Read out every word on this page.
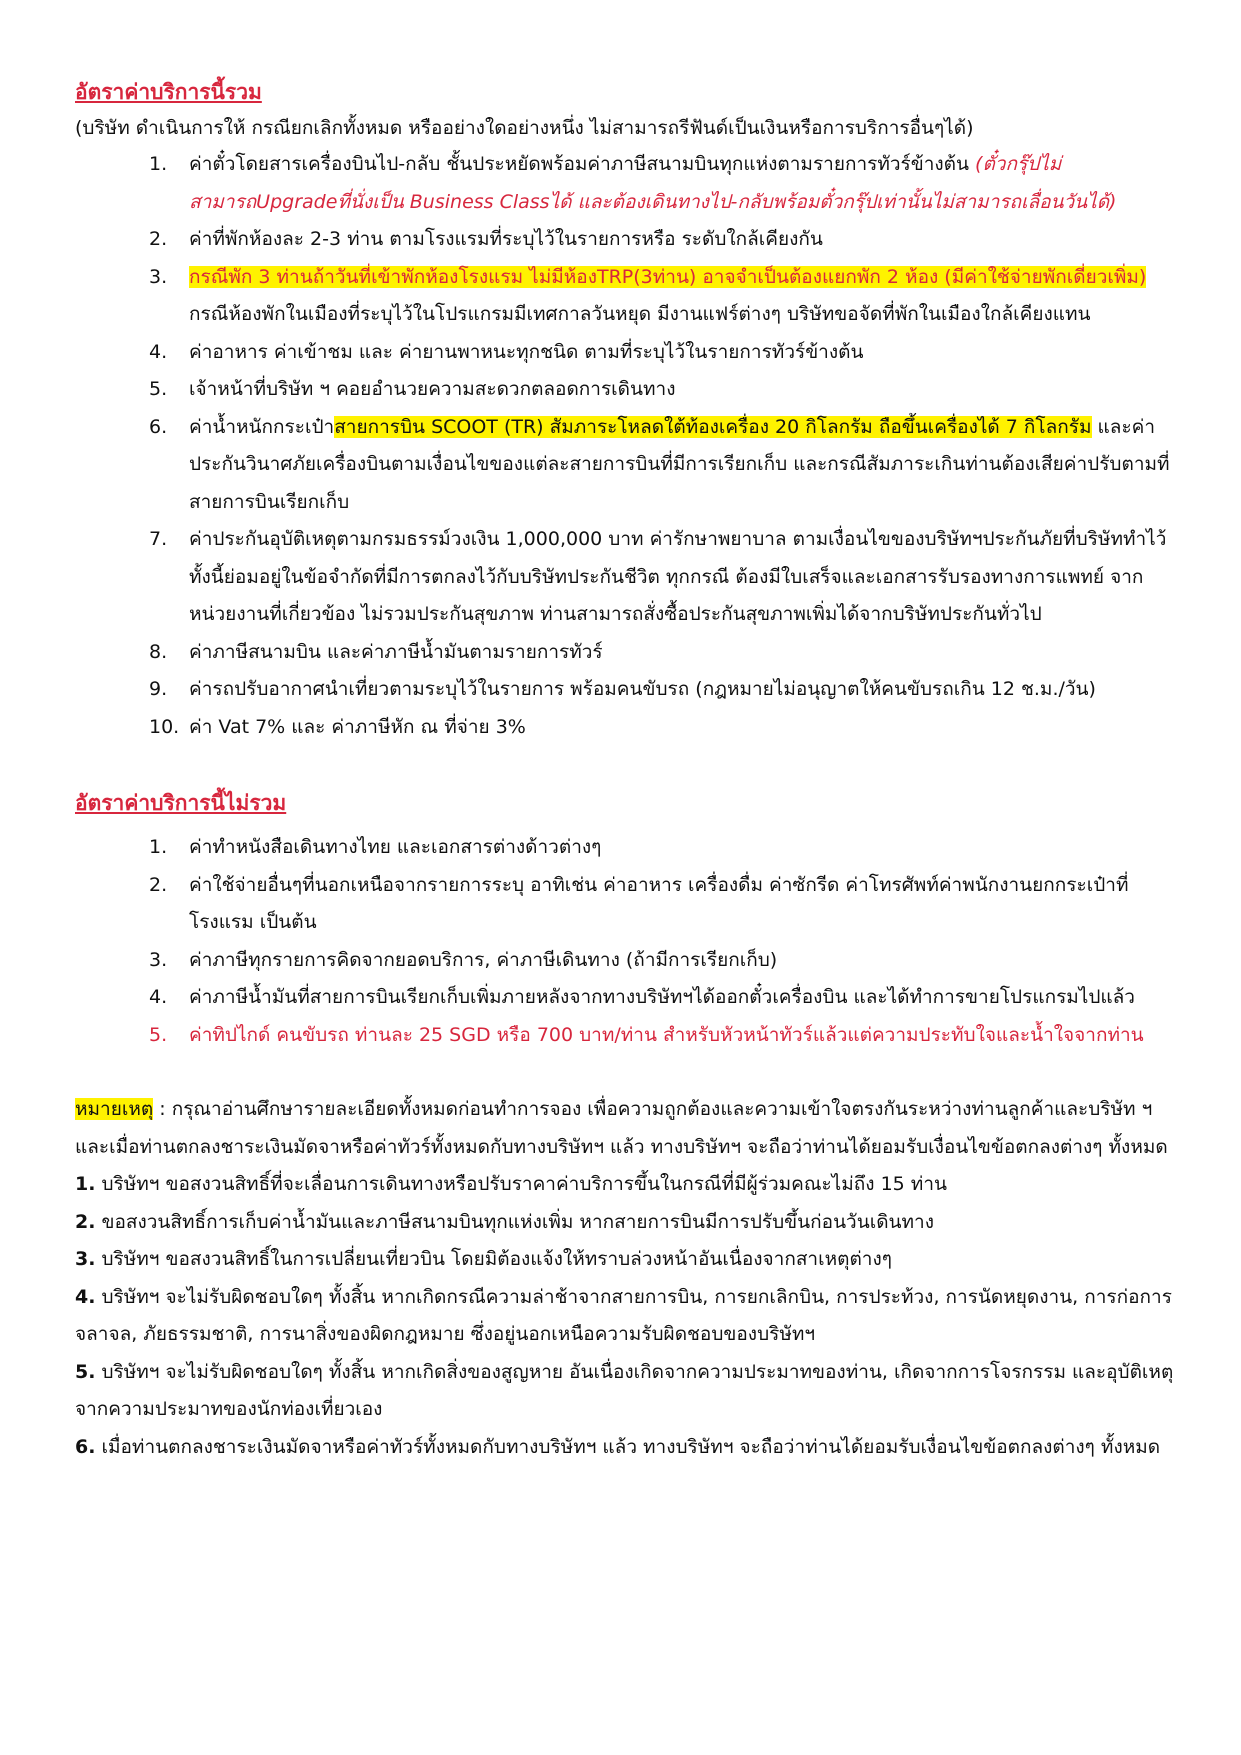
อัตราค่าบริการนี้รวม

(บริษัท ดำเนินการให้ กรณียกเลิกทั้งหมด หรืออย่างใดอย่างหนึ่ง ไม่สามารถรีฟันด์เป็นเงินหรือการบริการอื่นๆได้)

1.	ค่าตั๋วโดยสารเครื่องบินไป-กลับ ชั้นประหยัดพร้อมค่าภาษีสนามบินทุกแห่งตามรายการทัวร์ข้างต้น (ตั๋วกรุ๊ปไม่สามารถUpgradeที่นั่งเป็น Business Classได้ และต้องเดินทางไป-กลับพร้อมตั๋วกรุ๊ปเท่านั้นไม่สามารถเลื่อนวันได้)
2.	ค่าที่พักห้องละ 2-3 ท่าน ตามโรงแรมที่ระบุไว้ในรายการหรือ ระดับใกล้เคียงกัน
3.	กรณีพัก 3 ท่านถ้าวันที่เข้าพักห้องโรงแรม ไม่มีห้องTRP(3ท่าน) อาจจำเป็นต้องแยกพัก 2 ห้อง (มีค่าใช้จ่ายพักเดี่ยวเพิ่ม) กรณีห้องพักในเมืองที่ระบุไว้ในโปรแกรมมีเทศกาลวันหยุด มีงานแฟร์ต่างๆ บริษัทขอจัดที่พักในเมืองใกล้เคียงแทน
4.	ค่าอาหาร ค่าเข้าชม และ ค่ายานพาหนะทุกชนิด ตามที่ระบุไว้ในรายการทัวร์ข้างต้น
5.	เจ้าหน้าที่บริษัท ฯ คอยอำนวยความสะดวกตลอดการเดินทาง
6.	ค่าน้ำหนักกระเป๋าสายการบิน SCOOT (TR) สัมภาระโหลดใต้ท้องเครื่อง 20 กิโลกรัม ถือขึ้นเครื่องได้ 7 กิโลกรัม และค่าประกันวินาศภัยเครื่องบินตามเงื่อนไขของแต่ละสายการบินที่มีการเรียกเก็บ และกรณีสัมภาระเกินท่านต้องเสียค่าปรับตามที่สายการบินเรียกเก็บ
7.	ค่าประกันอุบัติเหตุตามกรมธรรม์วงเงิน 1,000,000 บาท ค่ารักษาพยาบาล ตามเงื่อนไขของบริษัทฯประกันภัยที่บริษัททำไว้ ทั้งนี้ย่อมอยู่ในข้อจำกัดที่มีการตกลงไว้กับบริษัทประกันชีวิต ทุกกรณี ต้องมีใบเสร็จและเอกสารรับรองทางการแพทย์ จากหน่วยงานที่เกี่ยวข้อง ไม่รวมประกันสุขภาพ ท่านสามารถสั่งซื้อประกันสุขภาพเพิ่มได้จากบริษัทประกันทั่วไป
8.	ค่าภาษีสนามบิน และค่าภาษีน้ำมันตามรายการทัวร์
9.	ค่ารถปรับอากาศนำเที่ยวตามระบุไว้ในรายการ พร้อมคนขับรถ (กฎหมายไม่อนุญาตให้คนขับรถเกิน 12 ช.ม./วัน)
10. ค่า Vat 7% และ ค่าภาษีหัก ณ ที่จ่าย 3%
อัตราค่าบริการนี้ไม่รวม
1.	ค่าทำหนังสือเดินทางไทย และเอกสารต่างด้าวต่างๆ
2.	ค่าใช้จ่ายอื่นๆที่นอกเหนือจากรายการระบุ อาทิเช่น ค่าอาหาร เครื่องดื่ม ค่าซักรีด ค่าโทรศัพท์ค่าพนักงานยกกระเป๋าที่โรงแรม เป็นต้น
3.	ค่าภาษีทุกรายการคิดจากยอดบริการ, ค่าภาษีเดินทาง (ถ้ามีการเรียกเก็บ)
4.	ค่าภาษีน้ำมันที่สายการบินเรียกเก็บเพิ่มภายหลังจากทางบริษัทฯได้ออกตั๋วเครื่องบิน และได้ทำการขายโปรแกรมไปแล้ว
5.	ค่าทิปไกด์ คนขับรถ ท่านละ 25 SGD หรือ 700 บาท/ท่าน สำหรับหัวหน้าทัวร์แล้วแต่ความประทับใจและน้ำใจจากท่าน

หมายเหตุ : กรุณาอ่านศึกษารายละเอียดทั้งหมดก่อนทำการจอง เพื่อความถูกต้องและความเข้าใจตรงกันระหว่างท่านลูกค้าและบริษัท ฯ และเมื่อท่านตกลงชาระเงินมัดจาหรือค่าทัวร์ทั้งหมดกับทางบริษัทฯ แล้ว ทางบริษัทฯ จะถือว่าท่านได้ยอมรับเงื่อนไขข้อตกลงต่างๆ ทั้งหมด

1. บริษัทฯ ขอสงวนสิทธิ์ที่จะเลื่อนการเดินทางหรือปรับราคาค่าบริการขึ้นในกรณีที่มีผู้ร่วมคณะไม่ถึง 15 ท่าน

2. ขอสงวนสิทธิ์การเก็บค่าน้ำมันและภาษีสนามบินทุกแห่งเพิ่ม หากสายการบินมีการปรับขึ้นก่อนวันเดินทาง

3. บริษัทฯ ขอสงวนสิทธิ์ในการเปลี่ยนเที่ยวบิน โดยมิต้องแจ้งให้ทราบล่วงหน้าอันเนื่องจากสาเหตุต่างๆ

4. บริษัทฯ จะไม่รับผิดชอบใดๆ ทั้งสิ้น หากเกิดกรณีความล่าช้าจากสายการบิน, การยกเลิกบิน, การประท้วง, การนัดหยุดงาน, การก่อการจลาจล, ภัยธรรมชาติ, การนาสิ่งของผิดกฎหมาย ซึ่งอยู่นอกเหนือความรับผิดชอบของบริษัทฯ

5. บริษัทฯ จะไม่รับผิดชอบใดๆ ทั้งสิ้น หากเกิดสิ่งของสูญหาย อันเนื่องเกิดจากความประมาทของท่าน, เกิดจากการโจรกรรม และอุบัติเหตุจากความประมาทของนักท่องเที่ยวเอง

6. เมื่อท่านตกลงชาระเงินมัดจาหรือค่าทัวร์ทั้งหมดกับทางบริษัทฯ แล้ว ทางบริษัทฯ จะถือว่าท่านได้ยอมรับเงื่อนไขข้อตกลงต่างๆ ทั้งหมด
